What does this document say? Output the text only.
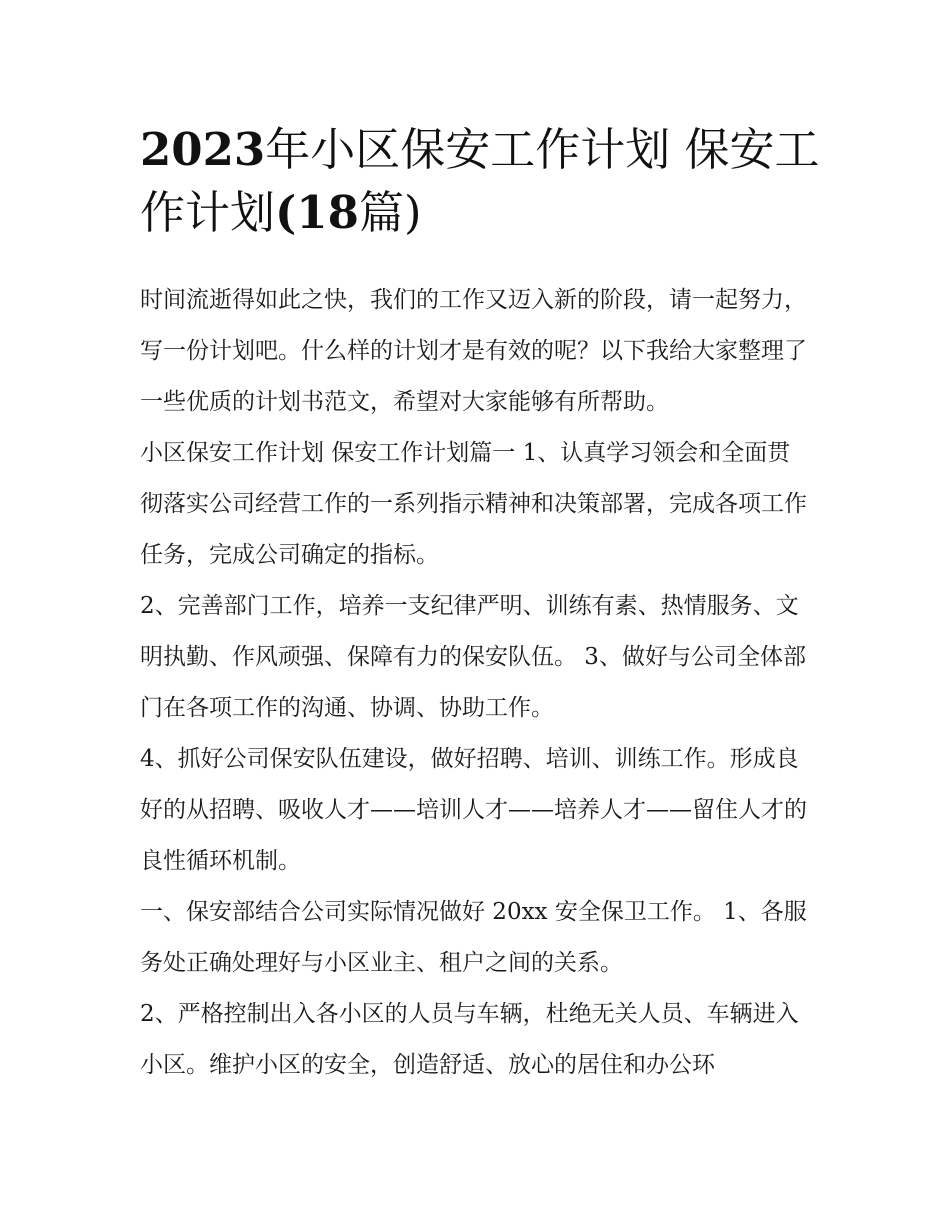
2023年小区保安工作计划 保安工作计划(18篇)

时间流逝得如此之快，我们的工作又迈入新的阶段，请一起努力，写一份计划吧。什么样的计划才是有效的呢？以下我给大家整理了一些优质的计划书范文，希望对大家能够有所帮助。

小区保安工作计划 保安工作计划篇一 1、认真学习领会和全面贯彻落实公司经营工作的一系列指示精神和决策部署，完成各项工作任务，完成公司确定的指标。

2、完善部门工作，培养一支纪律严明、训练有素、热情服务、文明执勤、作风顽强、保障有力的保安队伍。 3、做好与公司全体部门在各项工作的沟通、协调、协助工作。

4、抓好公司保安队伍建设，做好招聘、培训、训练工作。形成良好的从招聘、吸收人才——培训人才——培养人才——留住人才的良性循环机制。

一、保安部结合公司实际情况做好 20xx 安全保卫工作。 1、各服务处正确处理好与小区业主、租户之间的关系。

2、严格控制出入各小区的人员与车辆，杜绝无关人员、车辆进入小区。维护小区的安全，创造舒适、放心的居住和办公环
